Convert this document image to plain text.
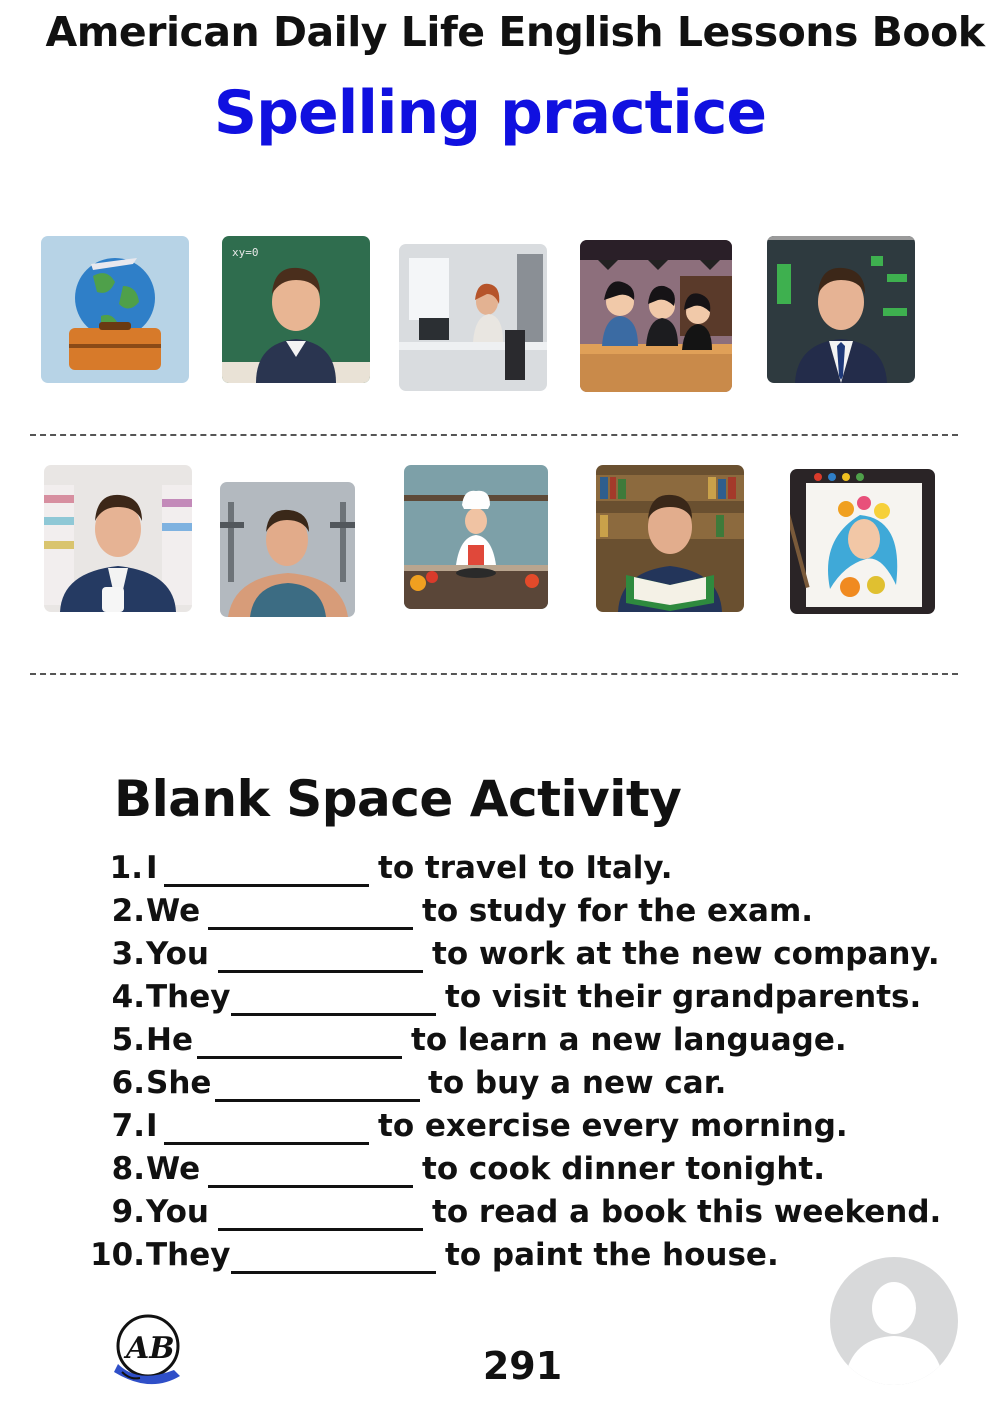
American Daily Life English Lessons Book
Spelling practice
xy=0
Blank Space Activity
1. I	to travel to Italy.
2. We	to study for the exam.
3. You	to work at the new company.
4. They	to visit their grandparents.
5. He	to learn a new language.
6. She	to buy a new car.
7. I	to exercise every morning.
8. We	to cook dinner tonight.
9. You	to read a book this weekend.
10. They	to paint the house.
AB	291
